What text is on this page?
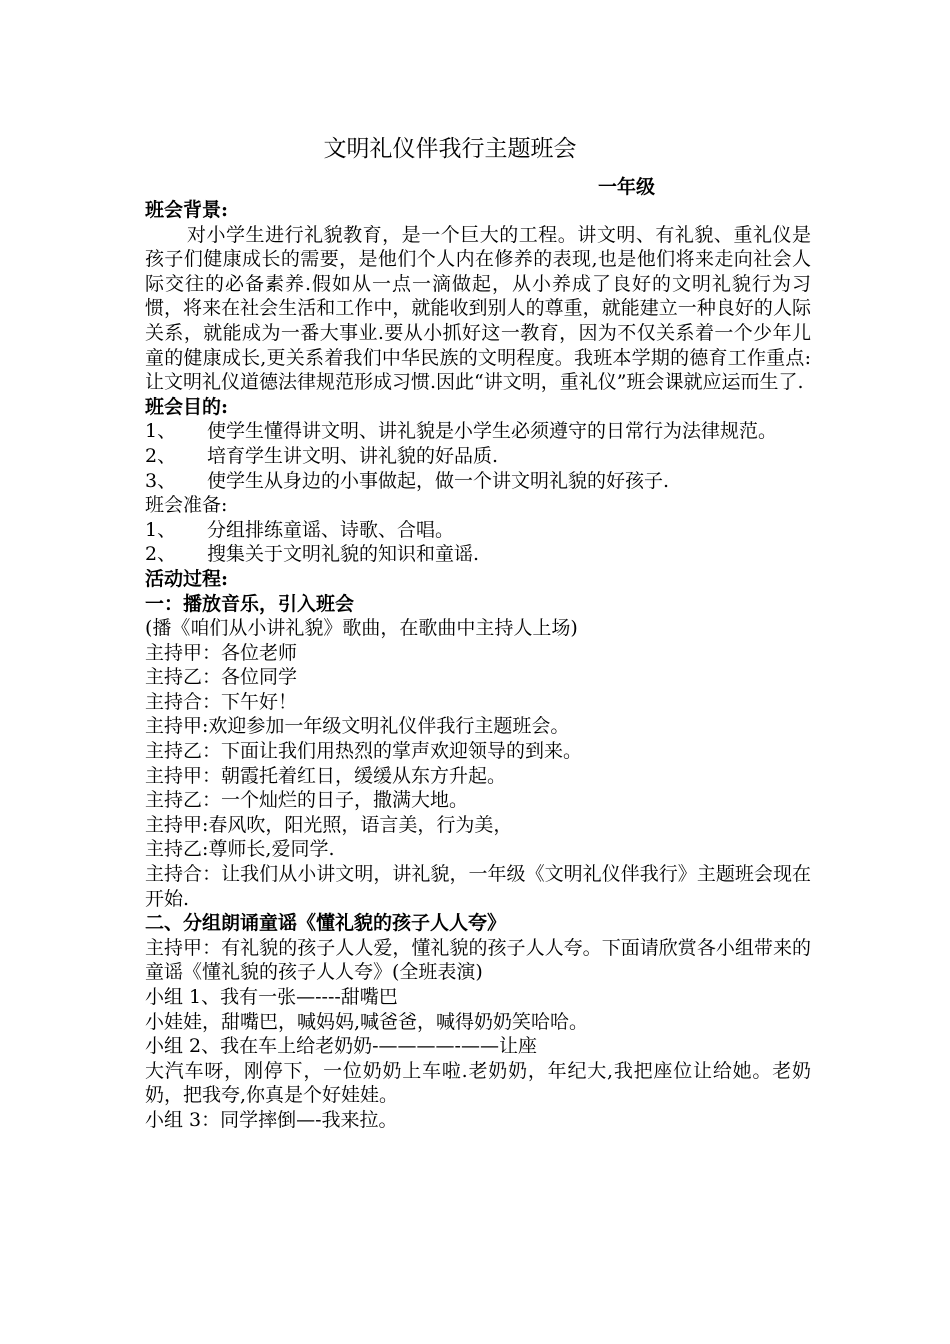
文明礼仪伴我行主题班会
一年级

班会背景:

对小学生进行礼貌教育，是一个巨大的工程。讲文明、有礼貌、重礼仪是孩子们健康成长的需要，是他们个人内在修养的表现,也是他们将来走向社会人际交往的必备素养.假如从一点一滴做起，从小养成了良好的文明礼貌行为习惯，将来在社会生活和工作中，就能收到别人的尊重，就能建立一种良好的人际关系，就能成为一番大事业.要从小抓好这一教育，因为不仅关系着一个少年儿童的健康成长,更关系着我们中华民族的文明程度。我班本学期的德育工作重点:让文明礼仪道德法律规范形成习惯.因此“讲文明，重礼仪”班会课就应运而生了.

班会目的:

1、 使学生懂得讲文明、讲礼貌是小学生必须遵守的日常行为法律规范。

2、 培育学生讲文明、讲礼貌的好品质.

3、 使学生从身边的小事做起，做一个讲文明礼貌的好孩子.

班会准备:

1、 分组排练童谣、诗歌、合唱。

2、 搜集关于文明礼貌的知识和童谣.

活动过程:

一：播放音乐，引入班会

(播《咱们从小讲礼貌》歌曲，在歌曲中主持人上场)

主持甲：各位老师

主持乙：各位同学

主持合：下午好！

主持甲:欢迎参加一年级文明礼仪伴我行主题班会。

主持乙：下面让我们用热烈的掌声欢迎领导的到来。

主持甲：朝霞托着红日，缓缓从东方升起。

主持乙：一个灿烂的日子，撒满大地。

主持甲:春风吹，阳光照，语言美，行为美，

主持乙:尊师长,爱同学.

主持合：让我们从小讲文明，讲礼貌，一年级《文明礼仪伴我行》主题班会现在开始.

二、分组朗诵童谣《懂礼貌的孩子人人夸》

主持甲：有礼貌的孩子人人爱，懂礼貌的孩子人人夸。下面请欣赏各小组带来的童谣《懂礼貌的孩子人人夸》(全班表演)

小组 1、我有一张—----甜嘴巴

小娃娃，甜嘴巴，喊妈妈,喊爸爸，喊得奶奶笑哈哈。

小组 2、我在车上给老奶奶-————-——让座

大汽车呀，刚停下，一位奶奶上车啦.老奶奶，年纪大,我把座位让给她。老奶奶，把我夸,你真是个好娃娃。

小组 3：同学摔倒—-我来拉。
